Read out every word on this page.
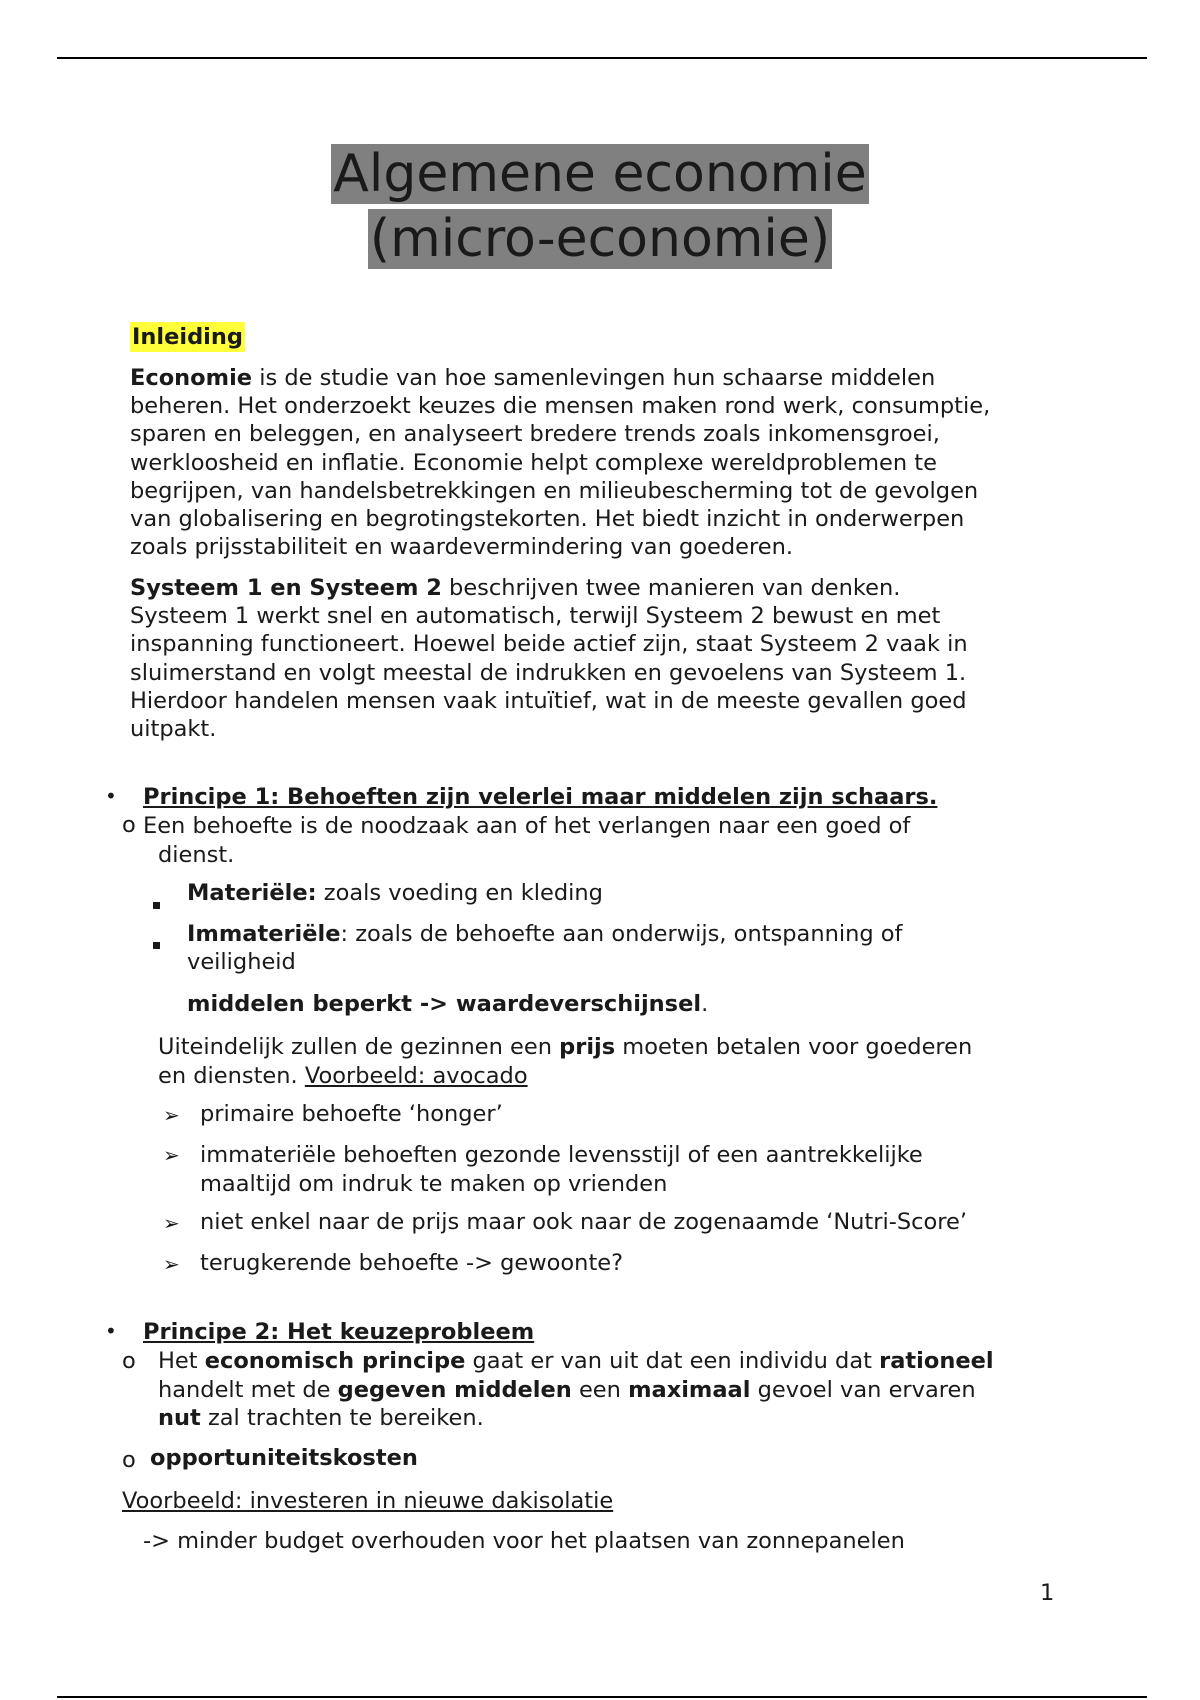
Algemene economie
(micro-economie)
Inleiding
Economie is de studie van hoe samenlevingen hun schaarse middelen
beheren. Het onderzoekt keuzes die mensen maken rond werk, consumptie,
sparen en beleggen, en analyseert bredere trends zoals inkomensgroei,
werkloosheid en inflatie. Economie helpt complexe wereldproblemen te
begrijpen, van handelsbetrekkingen en milieubescherming tot de gevolgen
van globalisering en begrotingstekorten. Het biedt inzicht in onderwerpen
zoals prijsstabiliteit en waardevermindering van goederen.
Systeem 1 en Systeem 2 beschrijven twee manieren van denken.
Systeem 1 werkt snel en automatisch, terwijl Systeem 2 bewust en met
inspanning functioneert. Hoewel beide actief zijn, staat Systeem 2 vaak in
sluimerstand en volgt meestal de indrukken en gevoelens van Systeem 1.
Hierdoor handelen mensen vaak intuïtief, wat in de meeste gevallen goed
uitpakt.
• Principe 1: Behoeften zijn velerlei maar middelen zijn schaars.
o Een behoefte is de noodzaak aan of het verlangen naar een goed of
dienst.
Materiële: zoals voeding en kleding
Immateriële: zoals de behoefte aan onderwijs, ontspanning of
veiligheid
middelen beperkt -> waardeverschijnsel.
Uiteindelijk zullen de gezinnen een prijs moeten betalen voor goederen
en diensten. Voorbeeld: avocado
➢ primaire behoefte ‘honger’
➢ immateriële behoeften gezonde levensstijl of een aantrekkelijke
maaltijd om indruk te maken op vrienden
➢ niet enkel naar de prijs maar ook naar de zogenaamde ‘Nutri-Score’
➢ terugkerende behoefte -> gewoonte?
• Principe 2: Het keuzeprobleem
o Het economisch principe gaat er van uit dat een individu dat rationeel
handelt met de gegeven middelen een maximaal gevoel van ervaren
nut zal trachten te bereiken.
o opportuniteitskosten
Voorbeeld: investeren in nieuwe dakisolatie
-> minder budget overhouden voor het plaatsen van zonnepanelen
1
